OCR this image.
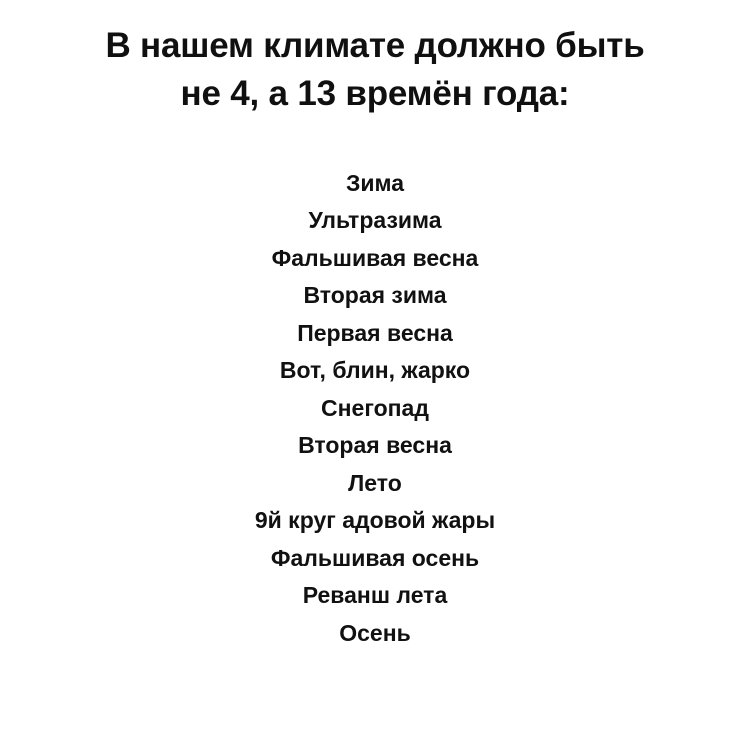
В нашем климате должно быть
не 4, а 13 времён года:
Зима
Ультразима
Фальшивая весна
Вторая зима
Первая весна
Вот, блин, жарко
Снегопад
Вторая весна
Лето
9й круг адовой жары
Фальшивая осень
Реванш лета
Осень
